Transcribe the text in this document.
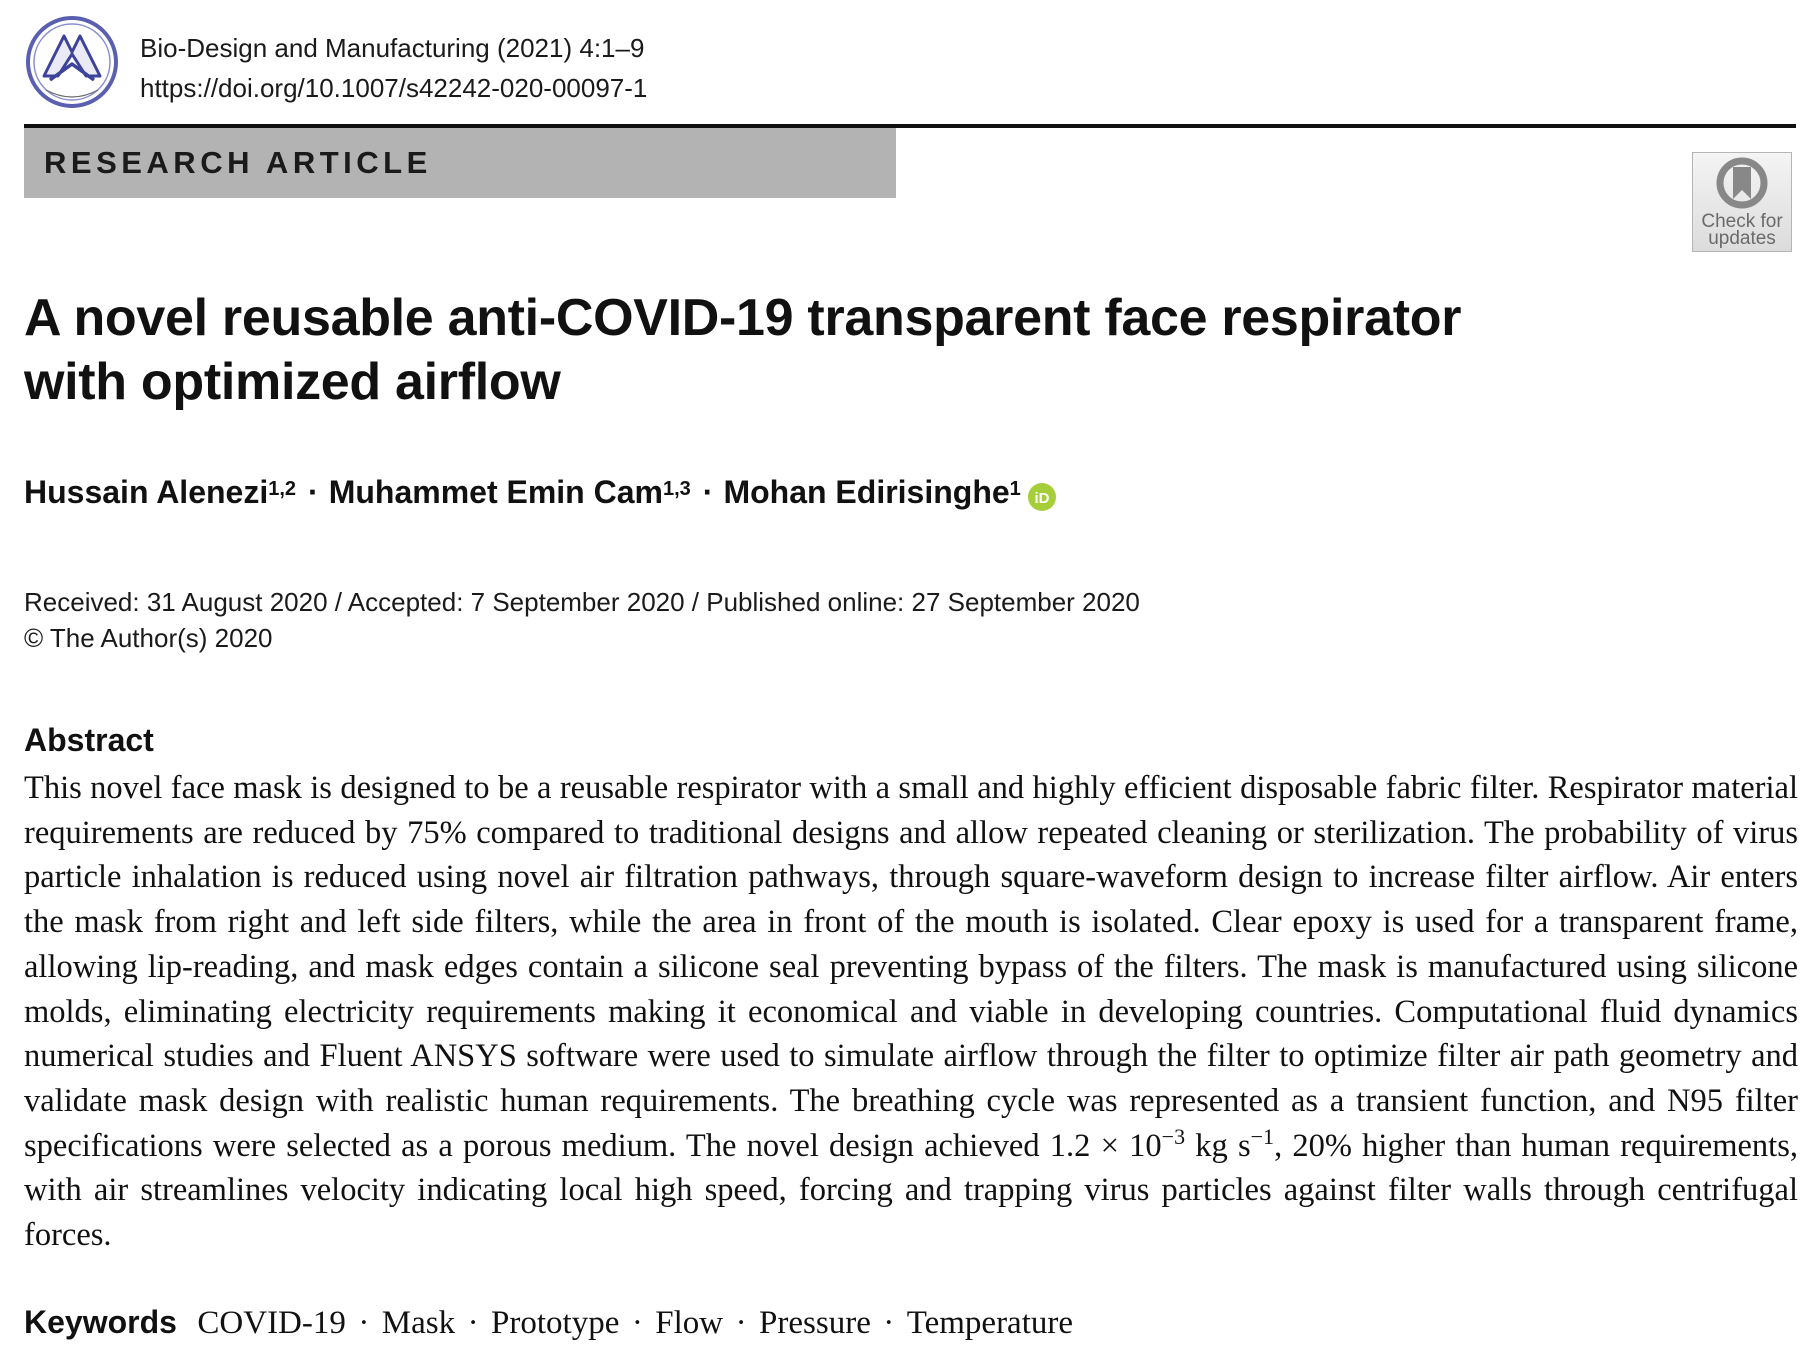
Bio-Design and Manufacturing (2021) 4:1–9
https://doi.org/10.1007/s42242-020-00097-1
RESEARCH ARTICLE
Check for
updates
A novel reusable anti-COVID-19 transparent face respirator
with optimized airflow
Hussain Alenezi$^{1,2}$ · Muhammet Emin Cam$^{1,3}$ · Mohan Edirisinghe$^1$ iD
Received: 31 August 2020 / Accepted: 7 September 2020 / Published online: 27 September 2020
© The Author(s) 2020
Abstract

This novel face mask is designed to be a reusable respirator with a small and highly efficient disposable fabric filter. Respirator material requirements are reduced by 75% compared to traditional designs and allow repeated cleaning or sterilization. The probability of virus particle inhalation is reduced using novel air filtration pathways, through square-waveform design to increase filter airflow. Air enters the mask from right and left side filters, while the area in front of the mouth is isolated. Clear epoxy is used for a transparent frame, allowing lip-reading, and mask edges contain a silicone seal preventing bypass of the filters. The mask is manufactured using silicone molds, eliminating electricity requirements making it economical and viable in developing countries. Computational fluid dynamics numerical studies and Fluent ANSYS software were used to simulate airflow through the filter to optimize filter air path geometry and validate mask design with realistic human requirements. The breathing cycle was represented as a transient function, and N95 filter specifications were selected as a porous medium. The novel design achieved $1.2 \times 10^{-3}$ kg $s^{-1}$, 20% higher than human requirements, with air streamlines velocity indicating local high speed, forcing and trapping virus particles against filter walls through centrifugal forces.

Keywords COVID-19 · Mask · Prototype · Flow · Pressure · Temperature
